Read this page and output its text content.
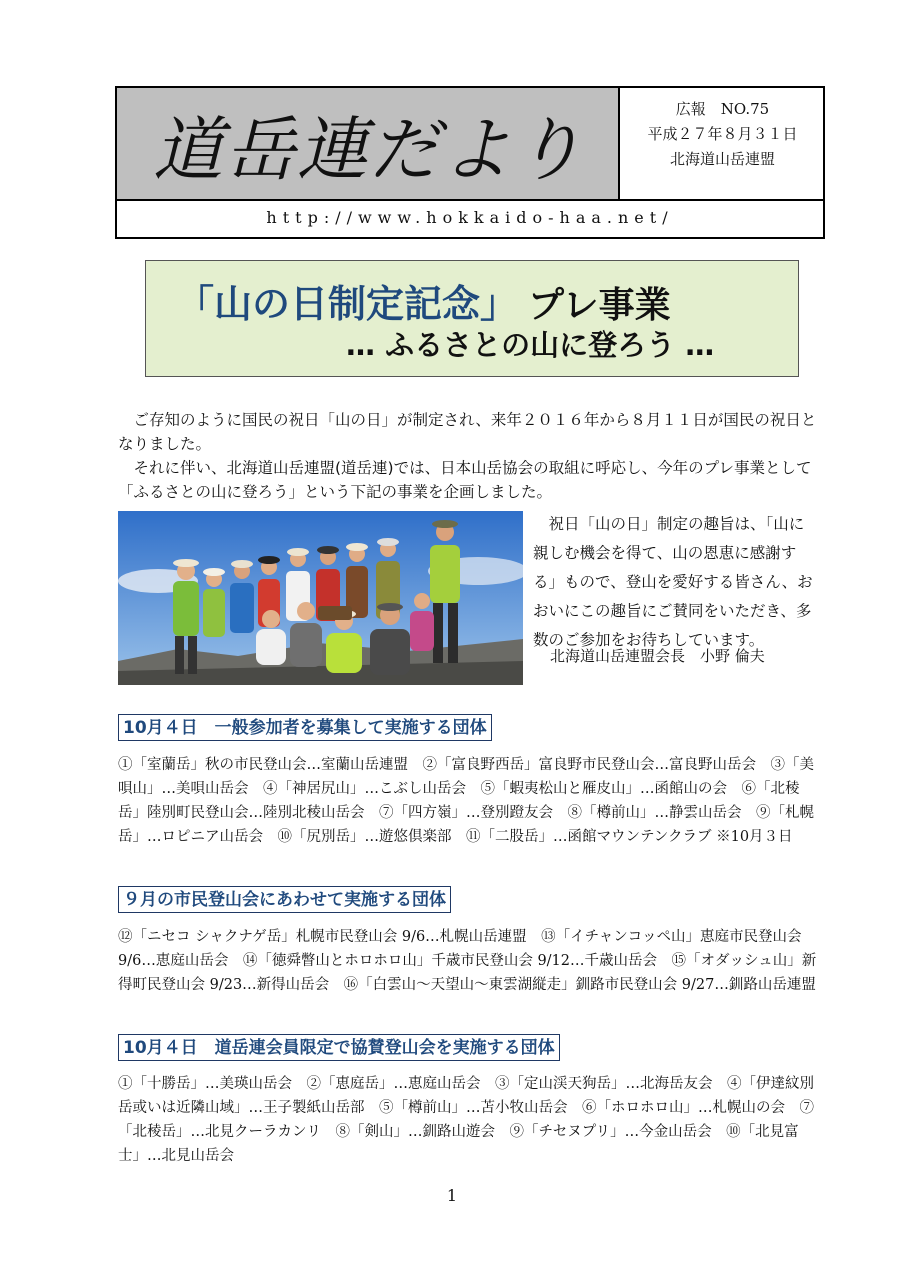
道岳連だより	広報　NO.75
平成２７年８月３１日
北海道山岳連盟
http://www.hokkaido-haa.net/
「山の日制定記念」 プレ事業
… ふるさとの山に登ろう …

ご存知のように国民の祝日「山の日」が制定され、来年２０１６年から８月１１日が国民の祝日となりました。

それに伴い、北海道山岳連盟(道岳連)では、日本山岳協会の取組に呼応し、今年のプレ事業として「ふるさとの山に登ろう」という下記の事業を企画しました。

祝日「山の日」制定の趣旨は、「山に親しむ機会を得て、山の恩恵に感謝する」もので、登山を愛好する皆さん、おおいにこの趣旨にご賛同をいただき、多数のご参加をお待ちしています。

北海道山岳連盟会長　小野 倫夫
10月４日　一般参加者を募集して実施する団体
①「室蘭岳」秋の市民登山会…室蘭山岳連盟　②「富良野西岳」富良野市民登山会…富良野山岳会　③「美唄山」…美唄山岳会　④「神居尻山」…こぶし山岳会　⑤「蝦夷松山と雁皮山」…函館山の会　⑥「北稜岳」陸別町民登山会…陸別北稜山岳会　⑦「四方嶺」…登別蹬友会　⑧「樽前山」…静雲山岳会　⑨「札幌岳」…ロピニア山岳会　⑩「尻別岳」…遊悠倶楽部　⑪「二股岳」…函館マウンテンクラブ ※10月３日
９月の市民登山会にあわせて実施する団体
⑫「ニセコ シャクナゲ岳」札幌市民登山会 9/6…札幌山岳連盟　⑬「イチャンコッペ山」恵庭市民登山会 9/6…恵庭山岳会　⑭「徳舜瞥山とホロホロ山」千歳市民登山会 9/12…千歳山岳会　⑮「オダッシュ山」新得町民登山会 9/23…新得山岳会　⑯「白雲山～天望山～東雲湖縦走」釧路市民登山会 9/27…釧路山岳連盟
10月４日　道岳連会員限定で協賛登山会を実施する団体
①「十勝岳」…美瑛山岳会　②「恵庭岳」…恵庭山岳会　③「定山渓天狗岳」…北海岳友会　④「伊達紋別岳或いは近隣山域」…王子製紙山岳部　⑤「樽前山」…苫小牧山岳会　⑥「ホロホロ山」…札幌山の会　⑦「北稜岳」…北見クーラカンリ　⑧「剣山」…釧路山遊会　⑨「チセヌプリ」…今金山岳会　⑩「北見富士」…北見山岳会
1
